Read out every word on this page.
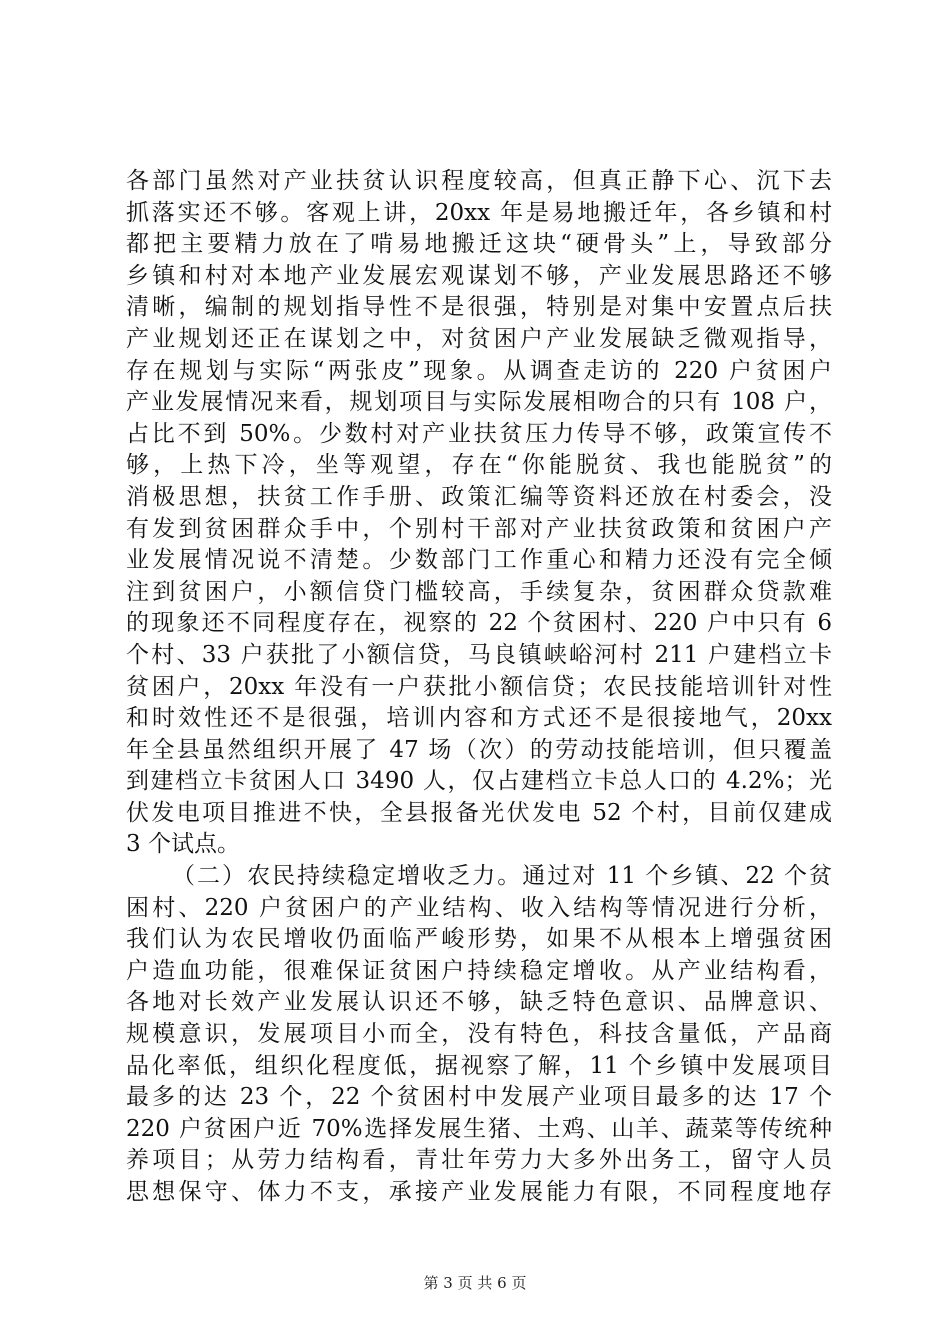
各部门虽然对产业扶贫认识程度较高，但真正静下心、沉下去
抓落实还不够。客观上讲，20xx 年是易地搬迁年，各乡镇和村
都把主要精力放在了啃易地搬迁这块“硬骨头”上，导致部分
乡镇和村对本地产业发展宏观谋划不够，产业发展思路还不够
清晰，编制的规划指导性不是很强，特别是对集中安置点后扶
产业规划还正在谋划之中，对贫困户产业发展缺乏微观指导，
存在规划与实际“两张皮”现象。从调查走访的 220 户贫困户
产业发展情况来看，规划项目与实际发展相吻合的只有 108 户，
占比不到 50%。少数村对产业扶贫压力传导不够，政策宣传不
够，上热下冷，坐等观望，存在“你能脱贫、我也能脱贫”的
消极思想，扶贫工作手册、政策汇编等资料还放在村委会，没
有发到贫困群众手中，个别村干部对产业扶贫政策和贫困户产
业发展情况说不清楚。少数部门工作重心和精力还没有完全倾
注到贫困户，小额信贷门槛较高，手续复杂，贫困群众贷款难
的现象还不同程度存在，视察的 22 个贫困村、220 户中只有 6
个村、33 户获批了小额信贷，马良镇峡峪河村 211 户建档立卡
贫困户，20xx 年没有一户获批小额信贷；农民技能培训针对性
和时效性还不是很强，培训内容和方式还不是很接地气，20xx
年全县虽然组织开展了 47 场（次）的劳动技能培训，但只覆盖
到建档立卡贫困人口 3490 人，仅占建档立卡总人口的 4.2%；光
伏发电项目推进不快，全县报备光伏发电 52 个村，目前仅建成
3 个试点。
（二）农民持续稳定增收乏力。通过对 11 个乡镇、22 个贫
困村、220 户贫困户的产业结构、收入结构等情况进行分析，
我们认为农民增收仍面临严峻形势，如果不从根本上增强贫困
户造血功能，很难保证贫困户持续稳定增收。从产业结构看，
各地对长效产业发展认识还不够，缺乏特色意识、品牌意识、
规模意识，发展项目小而全，没有特色，科技含量低，产品商
品化率低，组织化程度低，据视察了解，11 个乡镇中发展项目
最多的达 23 个，22 个贫困村中发展产业项目最多的达 17 个
220 户贫困户近 70%选择发展生猪、土鸡、山羊、蔬菜等传统种
养项目；从劳力结构看，青壮年劳力大多外出务工，留守人员
思想保守、体力不支，承接产业发展能力有限，不同程度地存
第 3 页 共 6 页
